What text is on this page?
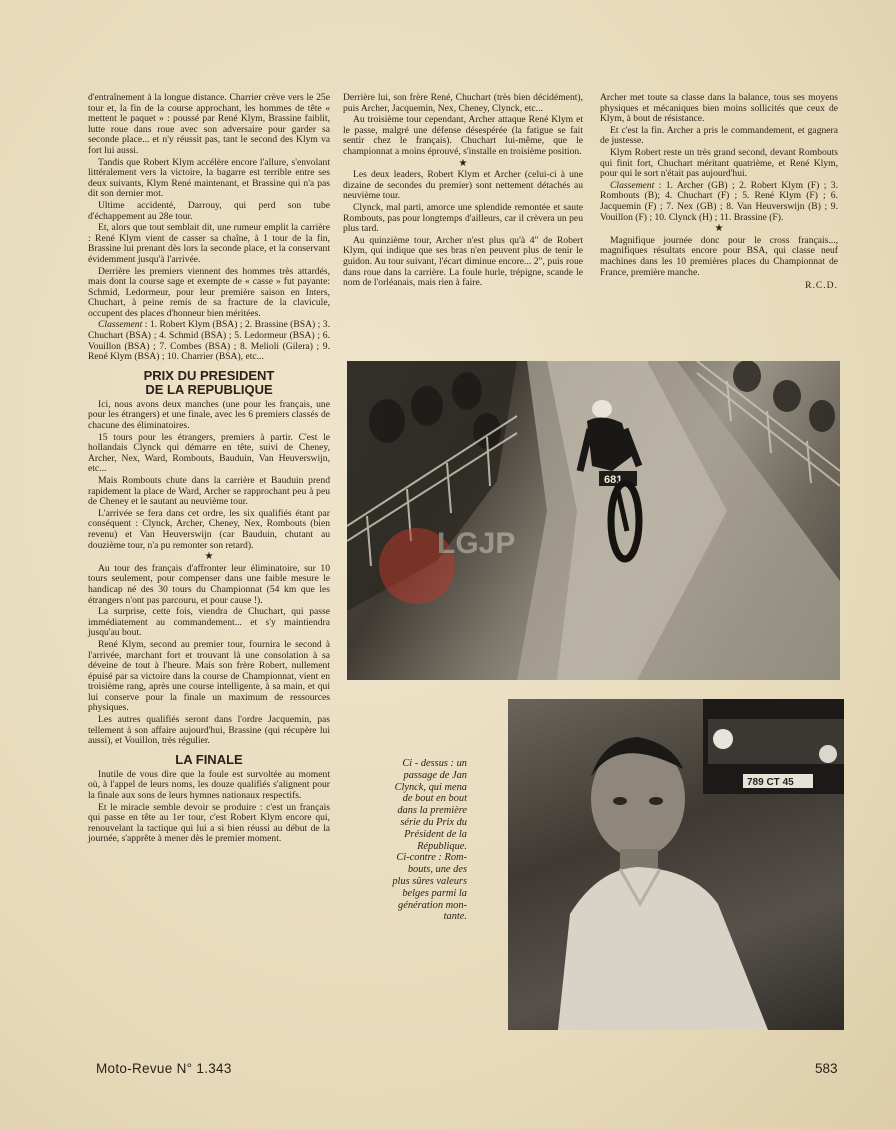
d'entraînement à la longue distance. Charrier crève vers le 25e tour et, la fin de la course approchant, les hommes de tête « mettent le paquet » : poussé par René Klym, Brassine faiblit, lutte roue dans roue avec son adversaire pour garder sa seconde place... et n'y réussit pas, tant le second des Klym va fort lui aussi.

Tandis que Robert Klym accélère encore l'allure, s'envolant littéralement vers la victoire, la bagarre est terrible entre ses deux suivants, Klym René maintenant, et Brassine qui n'a pas dit son dernier mot.

Ultime accidenté, Darrouy, qui perd son tube d'échappement au 28e tour.

Et, alors que tout semblait dit, une rumeur emplit la carrière : René Klym vient de casser sa chaîne, à 1 tour de la fin, Brassine lui prenant dès lors la seconde place, et la conservant évidemment jusqu'à l'arrivée.

Derrière les premiers viennent des hommes très attardés, mais dont la course sage et exempte de « casse » fut payante: Schmid, Ledormeur, pour leur première saison en Inters, Chuchart, à peine remis de sa fracture de la clavicule, occupent des places d'honneur bien méritées.

Classement : 1. Robert Klym (BSA) ; 2. Brassine (BSA) ; 3. Chuchart (BSA) ; 4. Schmid (BSA) ; 5. Ledormeur (BSA) ; 6. Vouillon (BSA) ; 7. Combes (BSA) ; 8. Melioli (Gilera) ; 9. René Klym (BSA) ; 10. Charrier (BSA), etc...

PRIX DU PRESIDENT
DE LA REPUBLIQUE

Ici, nous avons deux manches (une pour les français, une pour les étrangers) et une finale, avec les 6 premiers classés de chacune des éliminatoires.

15 tours pour les étrangers, premiers à partir. C'est le hollandais Clynck qui démarre en tête, suivi de Cheney, Archer, Nex, Ward, Rombouts, Bauduin, Van Heuverswijn, etc...

Mais Rombouts chute dans la carrière et Bauduin prend rapidement la place de Ward, Archer se rapprochant peu à peu de Cheney et le sautant au neuvième tour.

L'arrivée se fera dans cet ordre, les six qualifiés étant par conséquent : Clynck, Archer, Cheney, Nex, Rombouts (bien revenu) et Van Heuverswijn (car Bauduin, chutant au douzième tour, n'a pu remonter son retard).

★

Au tour des français d'affronter leur éliminatoire, sur 10 tours seulement, pour compenser dans une faible mesure le handicap né des 30 tours du Championnat (54 km que les étrangers n'ont pas parcouru, et pour cause !).

La surprise, cette fois, viendra de Chuchart, qui passe immédiatement au commandement... et s'y maintiendra jusqu'au bout.

René Klym, second au premier tour, fournira le second à l'arrivée, marchant fort et trouvant là une consolation à sa déveine de tout à l'heure. Mais son frère Robert, nullement épuisé par sa victoire dans la course de Championnat, vient en troisième rang, après une course intelligente, à sa main, et qui lui conserve pour la finale un maximum de ressources physiques.

Les autres qualifiés seront dans l'ordre Jacquemin, pas tellement à son affaire aujourd'hui, Brassine (qui récupère lui aussi), et Vouillon, très régulier.

LA FINALE

Inutile de vous dire que la foule est survoltée au moment où, à l'appel de leurs noms, les douze qualifiés s'alignent pour la finale aux sons de leurs hymnes nationaux respectifs.

Et le miracle semble devoir se produire : c'est un français qui passe en tête au 1er tour, c'est Robert Klym encore qui, renouvelant la tactique qui lui a si bien réussi au début de la journée, s'apprête à mener dès le premier moment.

Derrière lui, son frère René, Chuchart (très bien décidément), puis Archer, Jacquemin, Nex, Cheney, Clynck, etc...

Au troisième tour cependant, Archer attaque René Klym et le passe, malgré une défense désespérée (la fatigue se fait sentir chez le français). Chuchart lui-même, que le championnat a moins éprouvé, s'installe en troisième position.

★

Les deux leaders, Robert Klym et Archer (celui-ci à une dizaine de secondes du premier) sont nettement détachés au neuvième tour.

Clynck, mal parti, amorce une splendide remontée et saute Rombouts, pas pour longtemps d'ailleurs, car il crèvera un peu plus tard.

Au quinzième tour, Archer n'est plus qu'à 4" de Robert Klym, qui indique que ses bras n'en peuvent plus de tenir le guidon. Au tour suivant, l'écart diminue encore... 2", puis roue dans roue dans la carrière. La foule hurle, trépigne, scande le nom de l'orléanais, mais rien à faire.

Archer met toute sa classe dans la balance, tous ses moyens physiques et mécaniques bien moins sollicités que ceux de Klym, à bout de résistance.

Et c'est la fin. Archer a pris le commandement, et gagnera de justesse.

Klym Robert reste un très grand second, devant Rombouts qui finit fort, Chuchart méritant quatrième, et René Klym, pour qui le sort n'était pas aujourd'hui.

Classement : 1. Archer (GB) ; 2. Robert Klym (F) ; 3. Rombouts (B); 4. Chuchart (F) ; 5. René Klym (F) ; 6. Jacquemin (F) ; 7. Nex (GB) ; 8. Van Heuverswijn (B) ; 9. Vouillon (F) ; 10. Clynck (H) ; 11. Brassine (F).

★

Magnifique journée donc pour le cross français..., magnifiques résultats encore pour BSA, qui classe neuf machines dans les 10 premières places du Championnat de France, première manche.

R.C.D.

681
LGJP
Ci - dessus : un
passage de Jan
Clynck, qui mena
de bout en bout
dans la première
série du Prix du
Président de la
République.
Ci-contre : Rom-
bouts, une des
plus sûres valeurs
belges parmi la
génération mon-
tante.
789 CT 45
Moto-Revue N° 1.343	583
